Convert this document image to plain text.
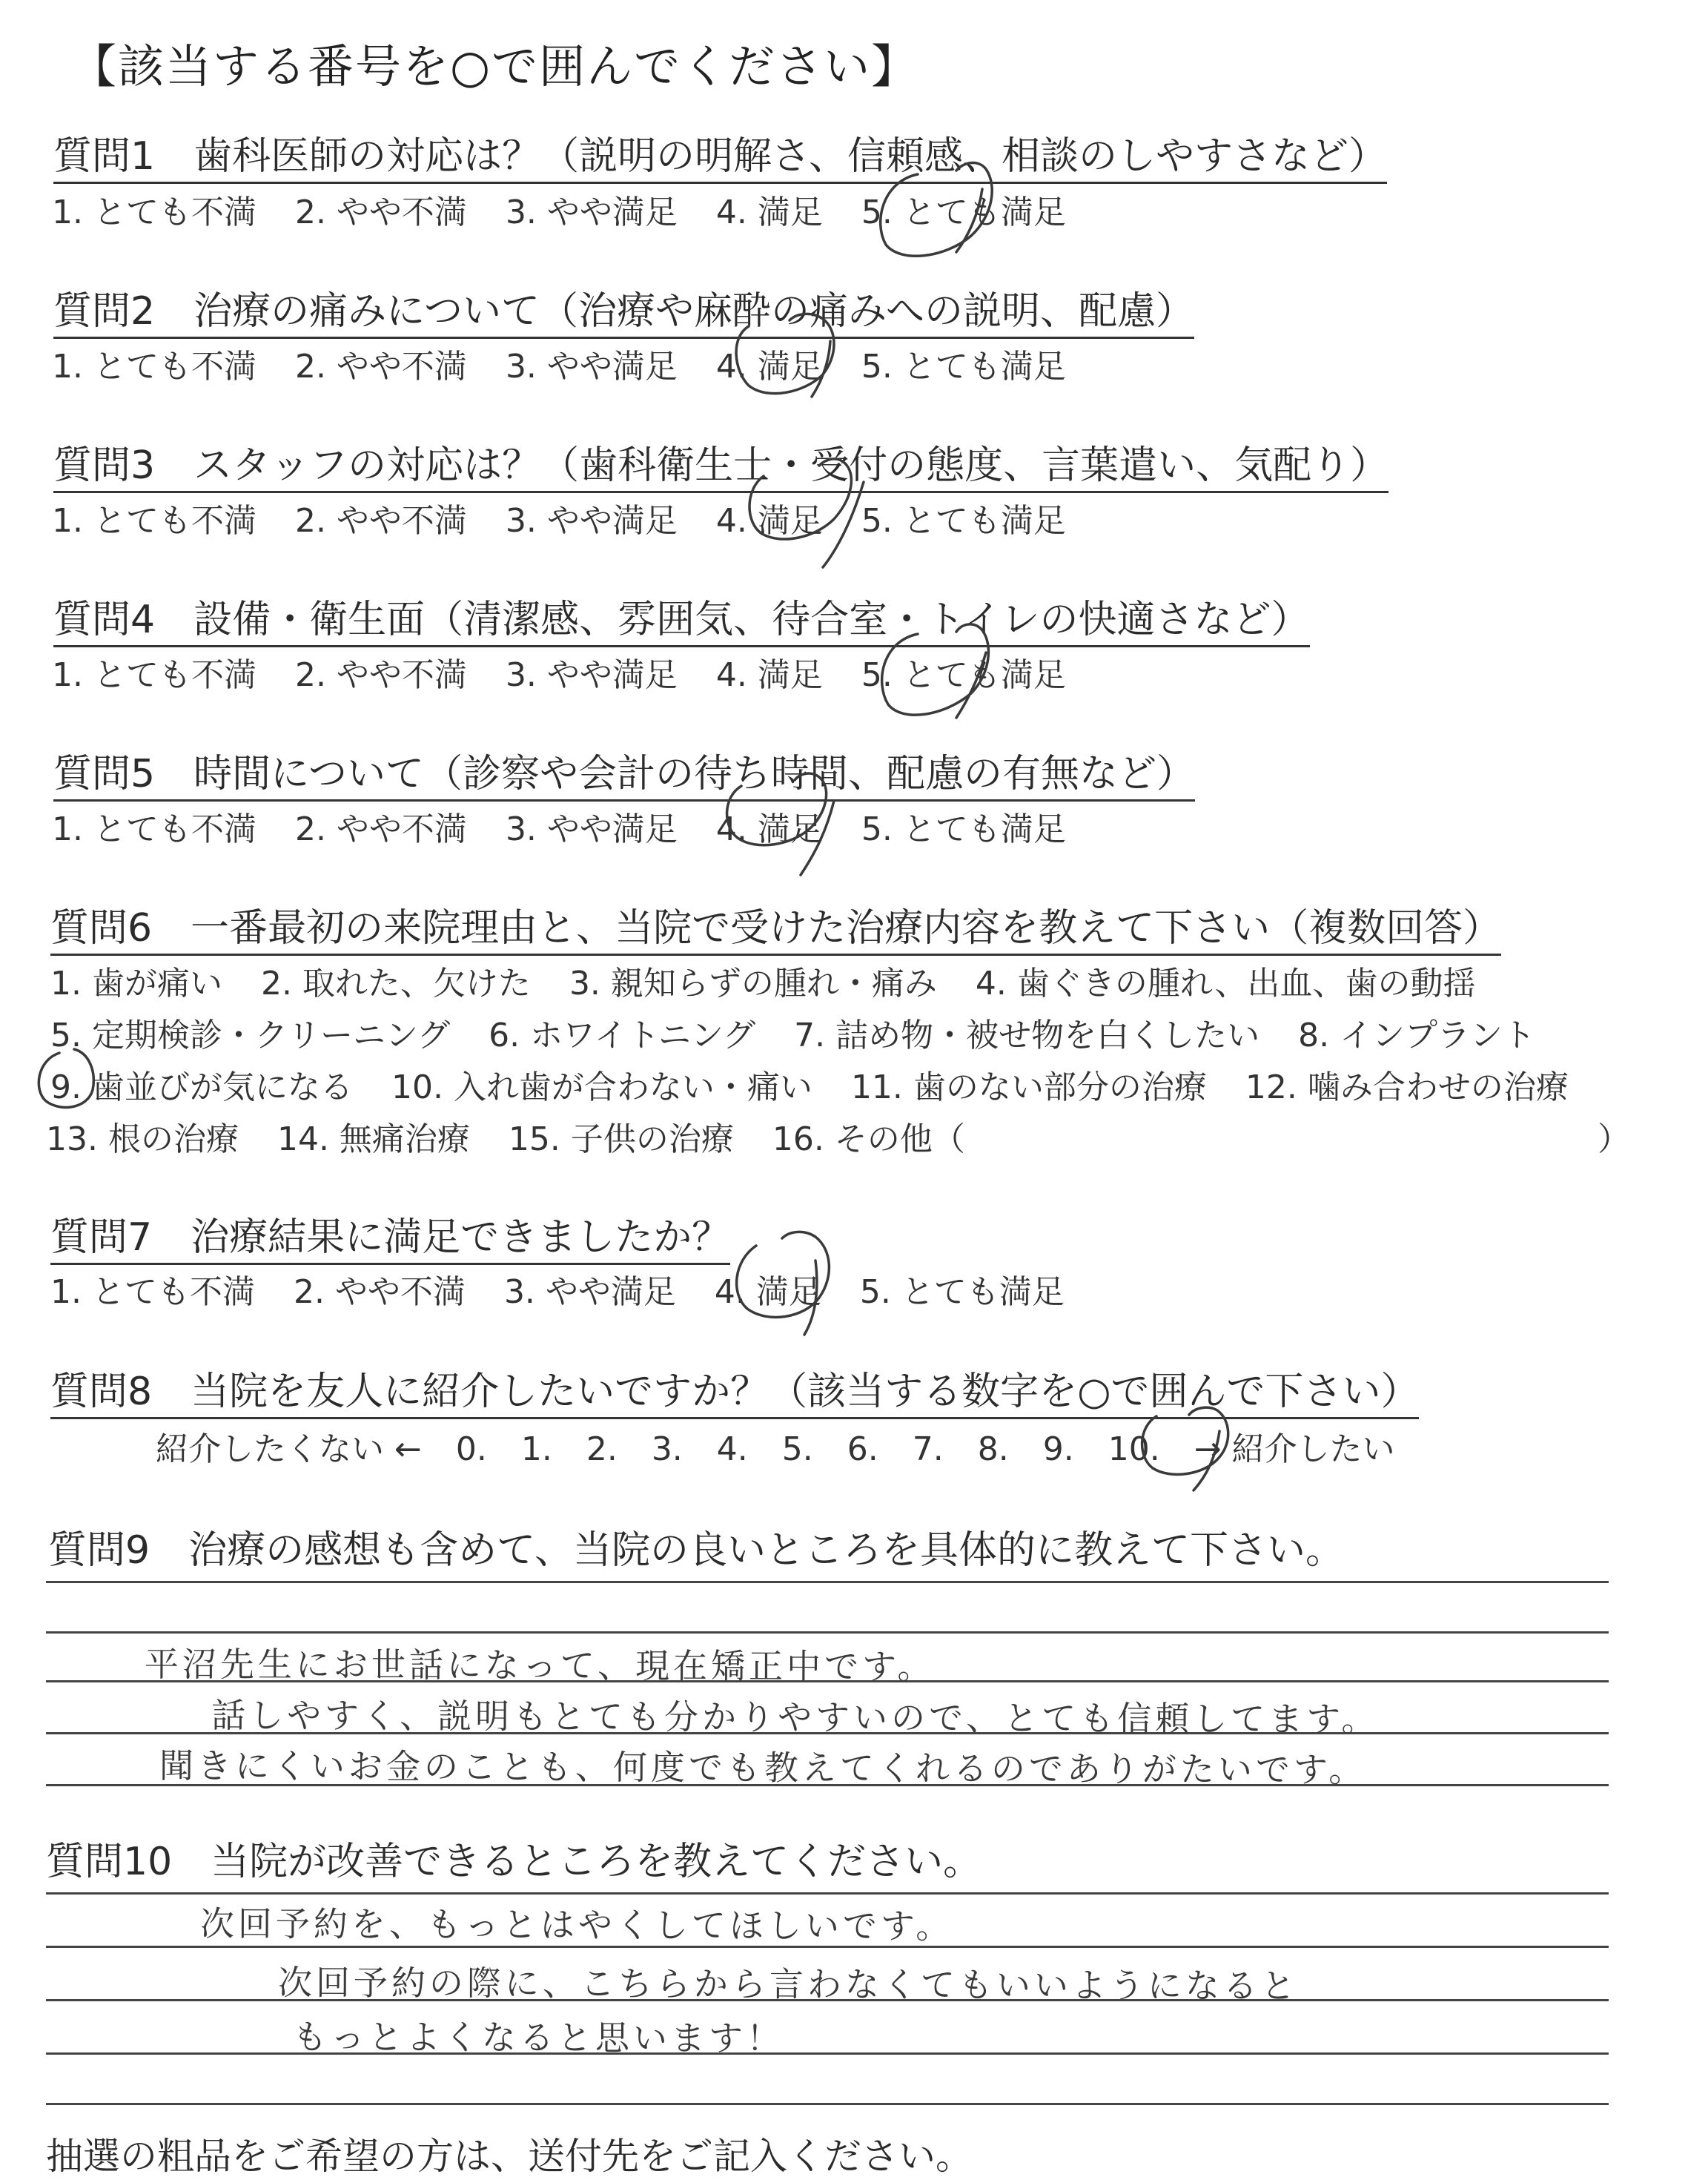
【該当する番号を○で囲んでください】
質問1　歯科医師の対応は？（説明の明解さ、信頼感、相談のしやすさなど）
1. とても不満 2. やや不満 3. やや満足 4. 満足 5. とても満足
質問2　治療の痛みについて（治療や麻酔の痛みへの説明、配慮）
1. とても不満 2. やや不満 3. やや満足 4. 満足 5. とても満足
質問3　スタッフの対応は？（歯科衛生士・受付の態度、言葉遣い、気配り）
1. とても不満 2. やや不満 3. やや満足 4. 満足 5. とても満足
質問4　設備・衛生面（清潔感、雰囲気、待合室・トイレの快適さなど）
1. とても不満 2. やや不満 3. やや満足 4. 満足 5. とても満足
質問5　時間について（診察や会計の待ち時間、配慮の有無など）
1. とても不満 2. やや不満 3. やや満足 4. 満足 5. とても満足
質問6　一番最初の来院理由と、当院で受けた治療内容を教えて下さい（複数回答）
1. 歯が痛い 2. 取れた、欠けた 3. 親知らずの腫れ・痛み 4. 歯ぐきの腫れ、出血、歯の動揺
5. 定期検診・クリーニング 6. ホワイトニング 7. 詰め物・被せ物を白くしたい 8. インプラント
9. 歯並びが気になる 10. 入れ歯が合わない・痛い 11. 歯のない部分の治療 12. 噛み合わせの治療
13. 根の治療 14. 無痛治療 15. 子供の治療 16. その他（	）
質問7　治療結果に満足できましたか？
1. とても不満 2. やや不満 3. やや満足 4. 満足 5. とても満足
質問8　当院を友人に紹介したいですか？（該当する数字を○で囲んで下さい）
紹介したくない ← 0. 1. 2. 3. 4. 5. 6. 7. 8. 9. 10. → 紹介したい
質問9　治療の感想も含めて、当院の良いところを具体的に教えて下さい。
平沼先生にお世話になって、現在矯正中です。
話しやすく、説明もとても分かりやすいので、とても信頼してます。
聞きにくいお金のことも、何度でも教えてくれるのでありがたいです。
質問10　当院が改善できるところを教えてください。
次回予約を、もっとはやくしてほしいです。
次回予約の際に、こちらから言わなくてもいいようになると
もっとよくなると思います！
抽選の粗品をご希望の方は、送付先をご記入ください。
